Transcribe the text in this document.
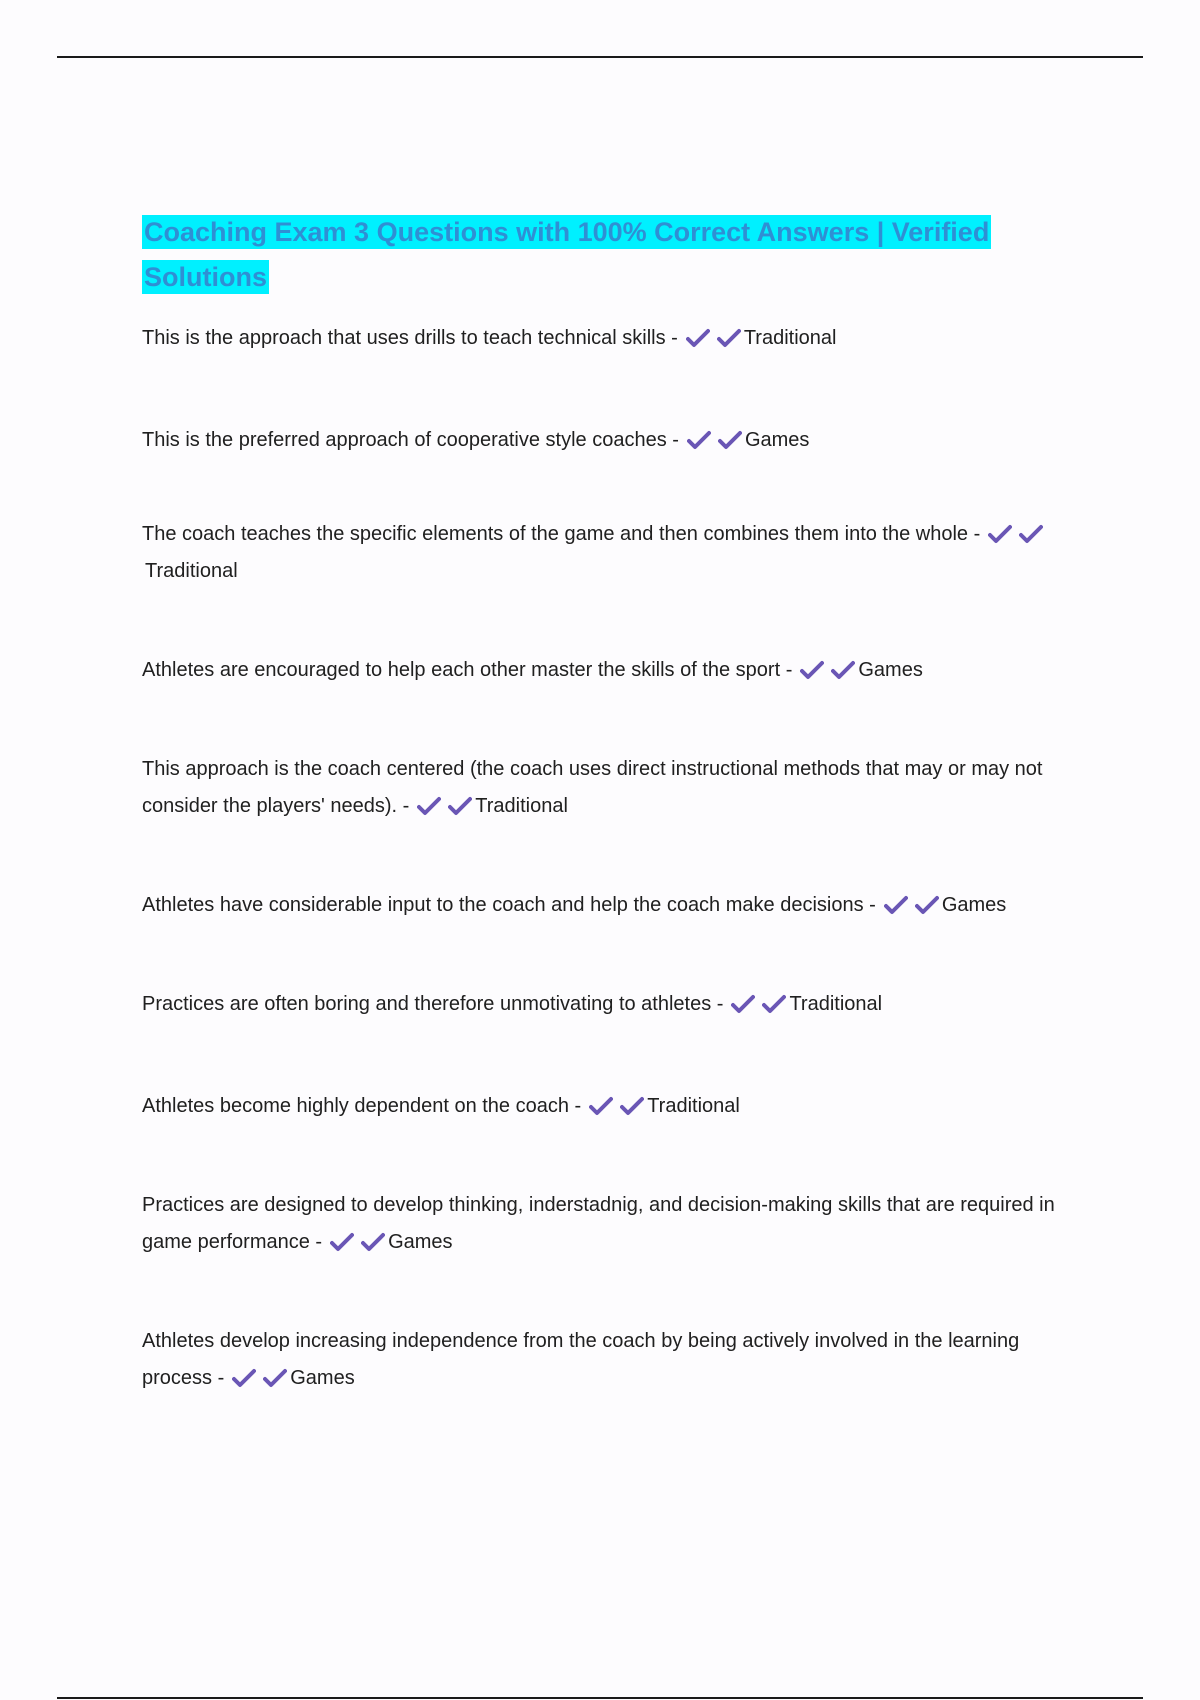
Coaching Exam 3 Questions with 100% Correct Answers | Verified Solutions
This is the approach that uses drills to teach technical skills -	Traditional
This is the preferred approach of cooperative style coaches -	Games
The coach teaches the specific elements of the game and then combines them into the whole -Traditional
Athletes are encouraged to help each other master the skills of the sport -	Games
This approach is the coach centered (the coach uses direct instructional methods that may or may not consider the players' needs). -	Traditional
Athletes have considerable input to the coach and help the coach make decisions -	Games
Practices are often boring and therefore unmotivating to athletes -	Traditional
Athletes become highly dependent on the coach -	Traditional
Practices are designed to develop thinking, inderstadnig, and decision-making skills that are required in game performance -	Games
Athletes develop increasing independence from the coach by being actively involved in the learning process -	Games
